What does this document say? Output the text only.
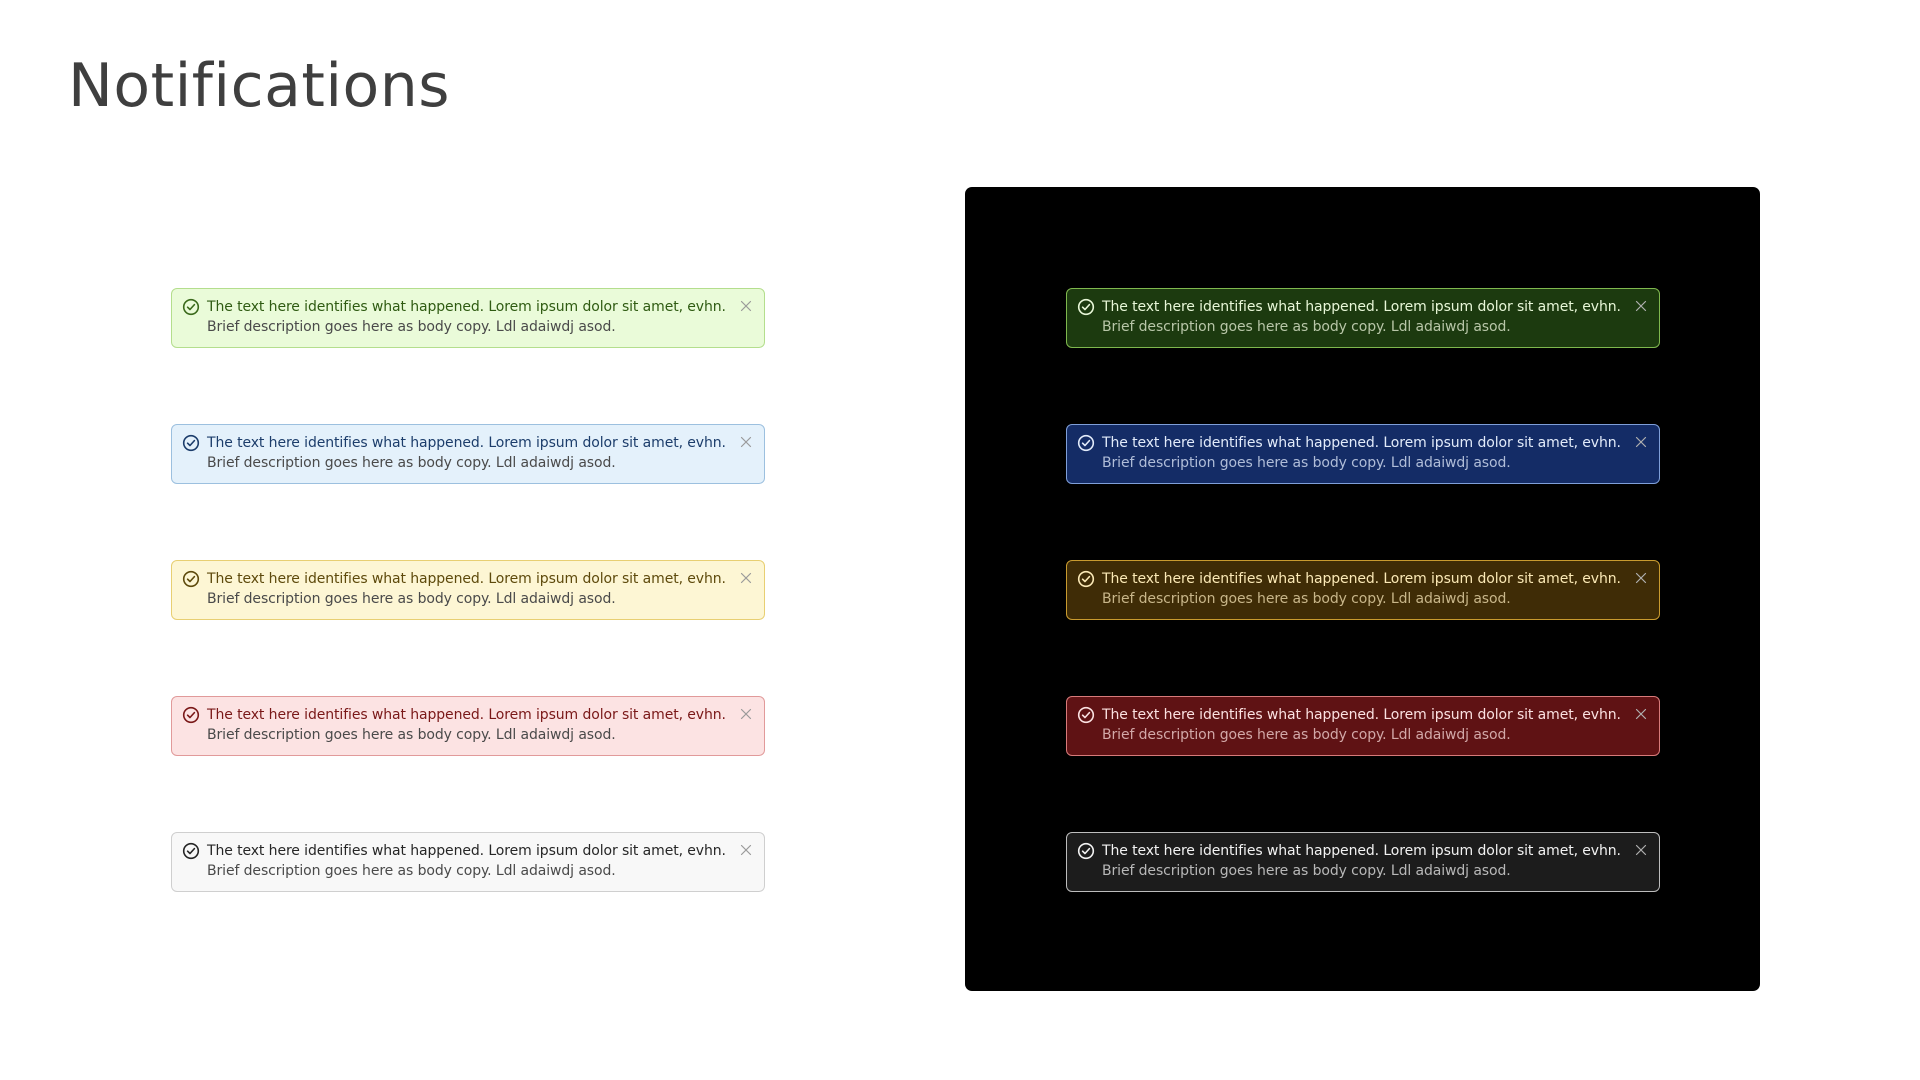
Notifications
The text here identifies what happened. Lorem ipsum dolor sit amet, evhn.
Brief description goes here as body copy. Ldl adaiwdj asod.
The text here identifies what happened. Lorem ipsum dolor sit amet, evhn.
Brief description goes here as body copy. Ldl adaiwdj asod.
The text here identifies what happened. Lorem ipsum dolor sit amet, evhn.
Brief description goes here as body copy. Ldl adaiwdj asod.
The text here identifies what happened. Lorem ipsum dolor sit amet, evhn.
Brief description goes here as body copy. Ldl adaiwdj asod.
The text here identifies what happened. Lorem ipsum dolor sit amet, evhn.
Brief description goes here as body copy. Ldl adaiwdj asod.
The text here identifies what happened. Lorem ipsum dolor sit amet, evhn.
Brief description goes here as body copy. Ldl adaiwdj asod.
The text here identifies what happened. Lorem ipsum dolor sit amet, evhn.
Brief description goes here as body copy. Ldl adaiwdj asod.
The text here identifies what happened. Lorem ipsum dolor sit amet, evhn.
Brief description goes here as body copy. Ldl adaiwdj asod.
The text here identifies what happened. Lorem ipsum dolor sit amet, evhn.
Brief description goes here as body copy. Ldl adaiwdj asod.
The text here identifies what happened. Lorem ipsum dolor sit amet, evhn.
Brief description goes here as body copy. Ldl adaiwdj asod.
